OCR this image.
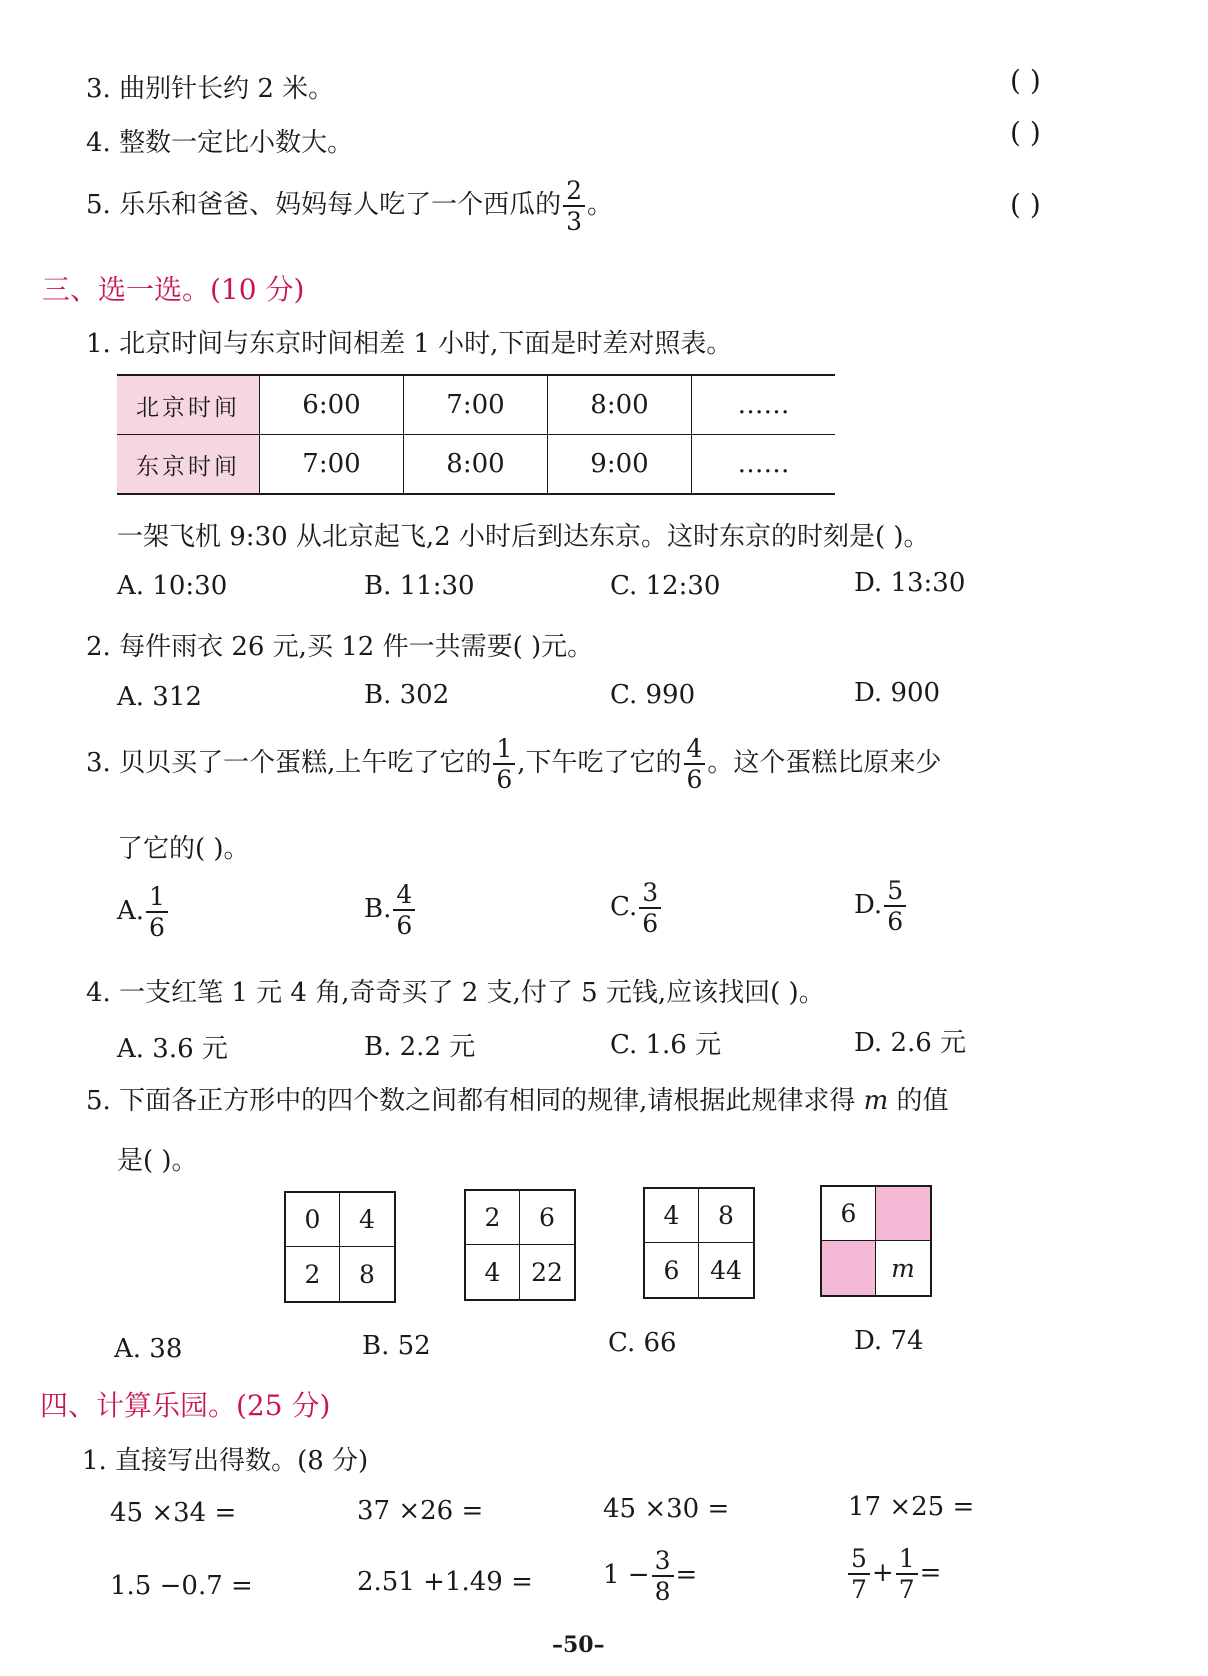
3. 曲别针长约 2 米。	( )
4. 整数一定比小数大。	( )
5. 乐乐和爸爸、妈妈每人吃了一个西瓜的 $\frac{2}{3}$ 。	( )
三、选一选。(10 分)
1. 北京时间与东京时间相差 1 小时,下面是时差对照表。
北京时间	6:00	7:00	8:00	……
东京时间	7:00	8:00	9:00	……
一架飞机 9:30 从北京起飞,2 小时后到达东京。这时东京的时刻是( )。
A. 10:30	B. 11:30	C. 12:30	D. 13:30
2. 每件雨衣 26 元,买 12 件一共需要( )元。
A. 312	B. 302	C. 990	D. 900
3. 贝贝买了一个蛋糕,上午吃了它的 $\frac{1}{6}$ ,下午吃了它的 $\frac{4}{6}$ 。这个蛋糕比原来少
了它的( )。
A. $\frac{1}{6}$	B. $\frac{4}{6}$	C. $\frac{3}{6}$	D. $\frac{5}{6}$
4. 一支红笔 1 元 4 角,奇奇买了 2 支,付了 5 元钱,应该找回( )。
A. 3.6 元	B. 2.2 元	C. 1.6 元	D. 2.6 元
5. 下面各正方形中的四个数之间都有相同的规律,请根据此规律求得 m 的值
是( )。
0	4
2	8
2	6
4	22
4	8
6	44
6
m
A. 38	B. 52	C. 66	D. 74
四、计算乐园。(25 分)
1. 直接写出得数。(8 分)
45 ×34 =	37 ×26 =	45 ×30 =	17 ×25 =
1.5 −0.7 =	2.51 +1.49 =	$1 - \frac{3}{8}$ =	$\frac{5}{7} + \frac{1}{7}$ =
–50–
